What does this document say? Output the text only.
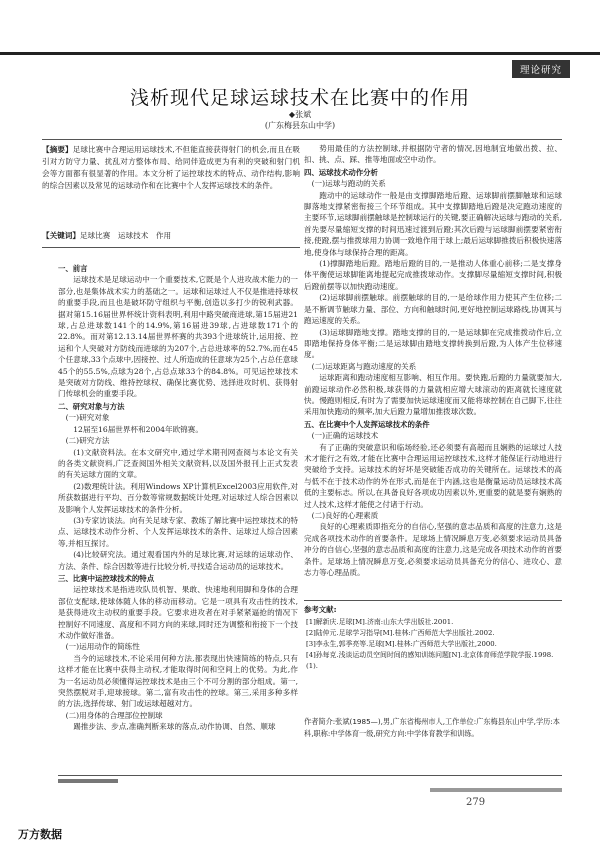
理论研究
浅析现代足球运球技术在比赛中的作用
◆张斌
(广东梅县东山中学)
【摘要】足球比赛中合理运用运球技术,不但能直接获得射门的机会,而且在吸引对方防守力量、扰乱对方整体布局、给同伴造成更为有利的突破和射门机会等方面都有很显著的作用。本文分析了运控球技术的特点、动作结构,影响的综合因素以及常见的运球动作和在比赛中个人发挥运球技术的条件。
【关键词】足球比赛　运球技术　作用

一、前言

运球技术是足球运动中一个重要技术,它既是个人进攻战术能力的一部分,也是集体战术实力的基础之一。运球和运球过人不仅是推进持球权的重要手段,而且也是破坏防守组织与平衡,创造以多打少的锐利武器。据对第15.16届世界杯统计资料表明,利用中路突破商进球,第15届进21球,占总进球数141个的14.9%,第16届进39球,占进球数171个的22.8%。而对第12.13.14届世界杯赛的共393个进球统计,运用接、控运和个人突破对方防线而进球的为207个,占总进球率的52.7%,而在45个任意球,33个点球中,因接控、过人所造成的任意球为25个,占总任意球45个的55.5%,点球为28个,占总点球33个的84.8%。可见运控球技术是突破对方防线、维持控球权、确保比赛优势、选择进攻时机、获得射门传球机会的重要手段。

二、研究对象与方法

(一)研究对象

12届至16届世界杯和2004年欧锦赛。

(二)研究方法

(1)文献资料法。在本文研究中,通过学术期刊网查阅与本论文有关的各类文献资料,广泛查阅国外相关文献资料,以及国外报刊上正式发表的有关运球方面的文章。

(2)数理统计法。利用Windows XP计算机Excel2003应用软件,对所获数据进行平均、百分数等常规数据统计处理,对运球过人综合因素以及影响个人发挥运球技术的条件分析。

(3)专家访谈法。向有关足球专家、教练了解比赛中运控球技术的特点、运球技术动作分析、个人发挥运球技术的条件、运球过人综合因素等,并相互探讨。

(4)比较研究法。通过观看国内外的足球比赛,对运球的运球动作、方法、条件、综合因数等进行比较分析,寻找适合运动员的运球技术。

三、比赛中运控球技术的特点

运控球技术是指进攻队员机智、果敢、快速地利用脚和身体的合理部位支配球,使球体随人体的移动而移动。它是一项具有攻击性的技术,是获得进攻主动权的重要手段。它要求进攻者在对手紧紧逼抢的情况下控制好不同速度、高度和不同方向的来球,同时还为调整和衔接下一个技术动作做好准备。

(一)运用动作的简练性

当今的运球技术,不论采用何种方法,都表现出快速简练的特点,只有这样才能在比赛中获得主动权,才能取得时间和空间上的优势。为此,作为一名运动员必须懂得运控球技术是由三个不可分割的部分组成。第一,突然摆脱对手,迎球接球。第二,富有攻击性的控球。第三,采用多种多样的方法,选择传球、射门或运球超越对方。

(二)用身体的合理部位控制球

踢推步法、步点,准确判断来球的落点,动作协调、自然、顺球

势用最佳的方法控制球,并根据防守者的情况,因地制宜地做出拨、拉、扣、挑、点、踩、推等地面或空中动作。

四、运球技术动作分析

(一)运球与跑动的关系

跑动中的运球动作一般是由支撑脚踏地后蹬、运球脚前摆脚触球和运球脚落地支撑紧密衔接三个环节组成。其中支撑脚踏地后蹬是决定跑动速度的主要环节,运球脚前摆触球是控制球运行的关键,要正确解决运球与跑动的关系,首先要尽量缩短支撑的时间迅速过渡到后蹬;其次后蹬与运球脚前摆要紧密衔接,使蹬,摆与推拨球用力协调一致地作用于球上;最后运球脚推拨后积极快速落地,使身体与球保持合理的距离。

(1)撑脚踏地后蹬。踏地后蹬的目的,一是推动人体重心前移;二是支撑身体平衡使运球脚能离地提起完成推拨球动作。支撑脚尽量缩短支撑时间,积极后蹬前摆等以加快跑动速度。

(2)运球脚前摆触球。前摆触球的目的,一是给球作用力使其产生位移;二是不断调节触球力量、部位、方向和触球时间,更好地控制运球路线,协调其与跑运速度的关系。

(3)运球脚踏地支撑。踏地支撑的目的,一是运球脚在完成推拨动作后,立即踏地保持身体平衡;二是运球脚由踏地支撑转换到后蹬,为人体产生位移速度。

(二)运球距离与跑动速度的关系

运球距离和跑动速度相互影响、相互作用。要快跑,后蹬的力量就要加大,前蹬运球动作必然积极,球获得的力量就相应增大球滚动的距离就长速度就快。慢跑则相反,有时为了需要加快运球速度而又能将球控制在自己脚下,往往采用加快跑动的频率,加大后蹬力量增加推拨球次数。

五、在比赛中个人发挥运球技术的条件

(一)正确的运球技术

有了正确的突破意识和临场经验,还必须要有高超而且娴熟的运球过人技术才能行之有效,才能在比赛中合理运用运控球技术,这样才能保证行动地进行突破给予支持。运球技术的好坏是突破能否成功的关键所在。运球技术的高与低不在于技术动作的外在形式,而是在于内涵,这也是衡量运动员运球技术高低的主要标志。所以,在具备良好各项成功因素以外,更重要的就是要有娴熟的过人技术,这样才能使之付诸于行动。

(二)良好的心理素质

良好的心理素质即指充分的自信心,坚强的意志品质和高度的注意力,这是完成各项技术动作的首要条件。足球场上情况瞬息万变,必须要求运动员具备冲分的自信心,坚强的意志品质和高度的注意力,这是完成各项技术动作的首要条件。足球场上情况瞬息万变,必须要求运动员具备充分的信心、进攻心、意志力等心理品质。

参考文献:
[1]解新庆.足球[M].济南:山东大学出版社.2001.
[2]陆仲元.足球学习指导[M].桂林:广西师范大学出版社.2002.
[3]李永生,郭季亮等.足球[M].桂林:广西师范大学出版社,2000.
[4]孙每克.浅谈运动员空间时间的感知训练问题[N].北京体育师范学院学报.1998.(1).
作者简介:张斌(1985—),男,广东省梅州市人,工作单位:广东梅县东山中学,学历:本科,职称:中学体育一级,研究方向:中学体育教学和训练。
279
万方数据
